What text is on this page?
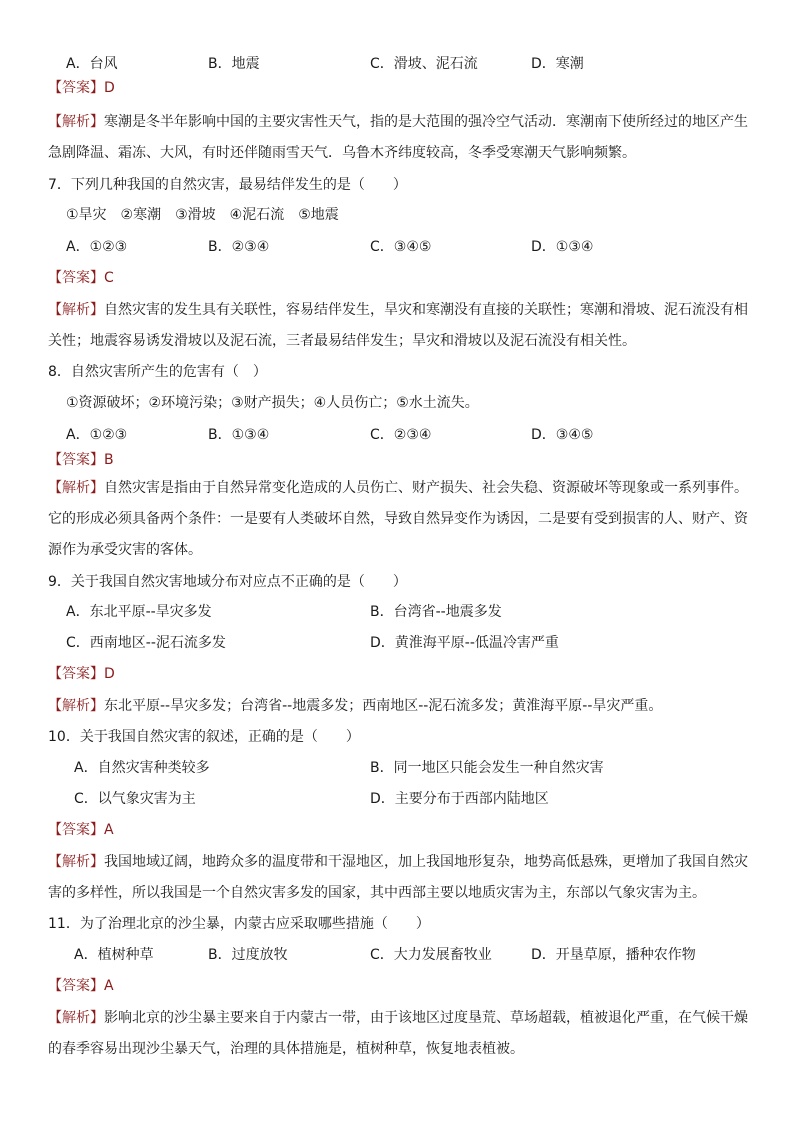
A．台风	B．地震	C．滑坡、泥石流	D．寒潮
【答案】D
【解析】寒潮是冬半年影响中国的主要灾害性天气，指的是大范围的强冷空气活动．寒潮南下使所经过的地区产生
急剧降温、霜冻、大风，有时还伴随雨雪天气．乌鲁木齐纬度较高，冬季受寒潮天气影响频繁。
7．下列几种我国的自然灾害，最易结伴发生的是（　　）
①旱灾　②寒潮　③滑坡　④泥石流　⑤地震
A．①②③	B．②③④	C．③④⑤	D．①③④
【答案】C
【解析】自然灾害的发生具有关联性，容易结伴发生，旱灾和寒潮没有直接的关联性；寒潮和滑坡、泥石流没有相
关性；地震容易诱发滑坡以及泥石流，三者最易结伴发生；旱灾和滑坡以及泥石流没有相关性。
8．自然灾害所产生的危害有（　）
①资源破坏；②环境污染；③财产损失；④人员伤亡；⑤水土流失。
A．①②③	B．①③④	C．②③④	D．③④⑤
【答案】B
【解析】自然灾害是指由于自然异常变化造成的人员伤亡、财产损失、社会失稳、资源破坏等现象或一系列事件。
它的形成必须具备两个条件：一是要有人类破坏自然，导致自然异变作为诱因，二是要有受到损害的人、财产、资
源作为承受灾害的客体。
9．关于我国自然灾害地域分布对应点不正确的是（　　）
A．东北平原--旱灾多发	B．台湾省--地震多发
C．西南地区--泥石流多发	D．黄淮海平原--低温冷害严重
【答案】D
【解析】东北平原--旱灾多发；台湾省--地震多发；西南地区--泥石流多发；黄淮海平原--旱灾严重。
10．关于我国自然灾害的叙述，正确的是（　　）
A．自然灾害种类较多	B．同一地区只能会发生一种自然灾害
C．以气象灾害为主	D．主要分布于西部内陆地区
【答案】A
【解析】我国地域辽阔，地跨众多的温度带和干湿地区，加上我国地形复杂，地势高低悬殊，更增加了我国自然灾
害的多样性，所以我国是一个自然灾害多发的国家，其中西部主要以地质灾害为主，东部以气象灾害为主。
11．为了治理北京的沙尘暴，内蒙古应采取哪些措施（　　）
A．植树种草	B．过度放牧	C．大力发展畜牧业	D．开垦草原，播种农作物
【答案】A
【解析】影响北京的沙尘暴主要来自于内蒙古一带，由于该地区过度垦荒、草场超载，植被退化严重，在气候干燥
的春季容易出现沙尘暴天气，治理的具体措施是，植树种草，恢复地表植被。
